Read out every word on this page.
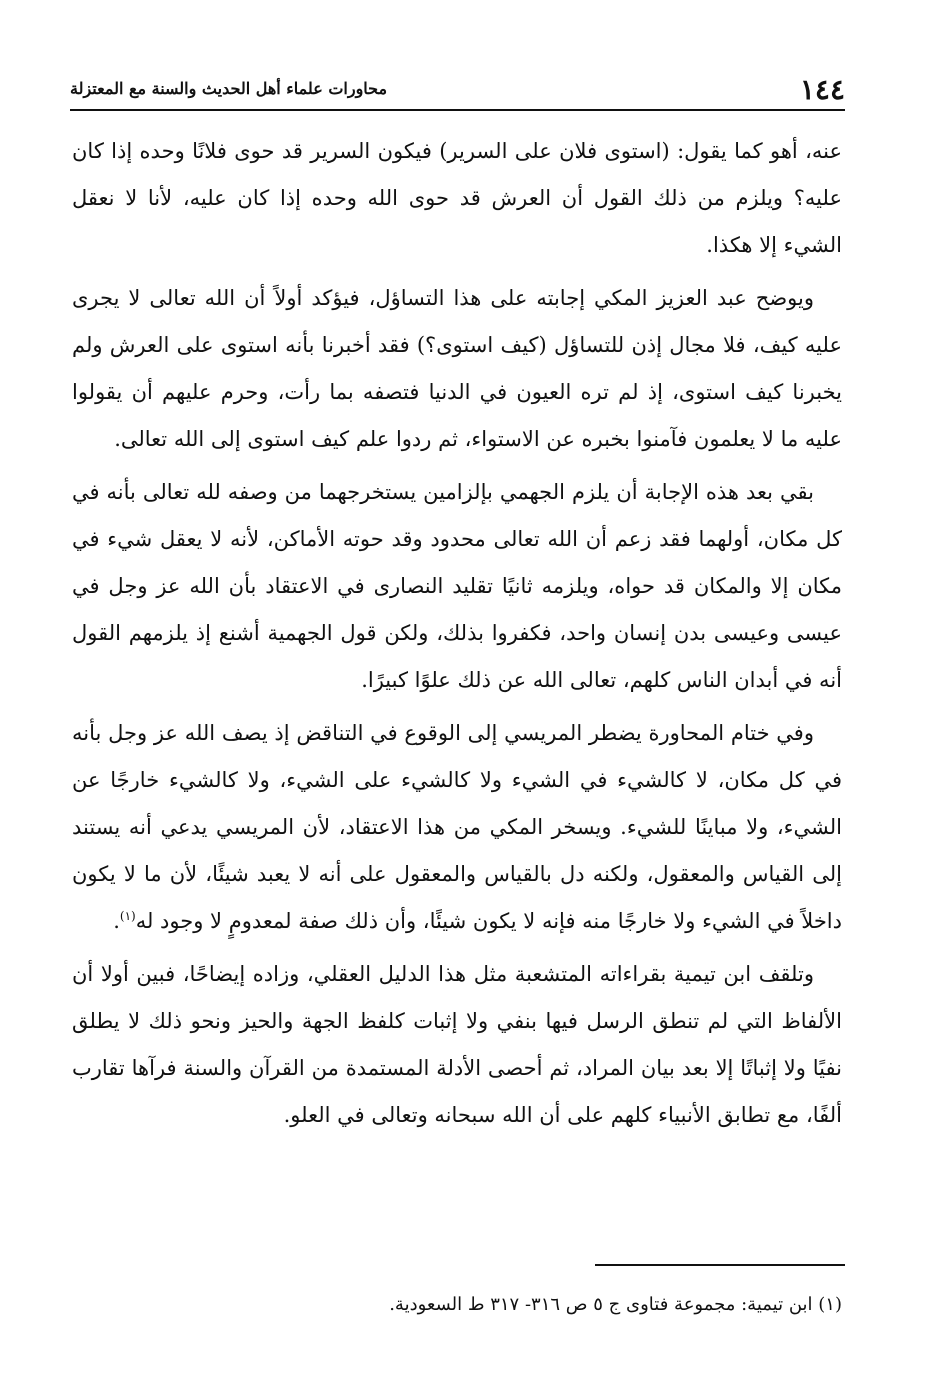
١٤٤
محاورات علماء أهل الحديث والسنة مع المعتزلة

عنه، أهو كما يقول: (استوى فلان على السرير) فيكون السرير قد حوى فلانًا وحده إذا كان عليه؟ ويلزم من ذلك القول أن العرش قد حوى الله وحده إذا كان عليه، لأنا لا نعقل الشيء إلا هكذا.

ويوضح عبد العزيز المكي إجابته على هذا التساؤل، فيؤكد أولاً أن الله تعالى لا يجرى عليه كيف، فلا مجال إذن للتساؤل (كيف استوى؟) فقد أخبرنا بأنه استوى على العرش ولم يخبرنا كيف استوى، إذ لم تره العيون في الدنيا فتصفه بما رأت، وحرم عليهم أن يقولوا عليه ما لا يعلمون فآمنوا بخبره عن الاستواء، ثم ردوا علم كيف استوى إلى الله تعالى.

بقي بعد هذه الإجابة أن يلزم الجهمي بإلزامين يستخرجهما من وصفه لله تعالى بأنه في كل مكان، أولهما فقد زعم أن الله تعالى محدود وقد حوته الأماكن، لأنه لا يعقل شيء في مكان إلا والمكان قد حواه، ويلزمه ثانيًا تقليد النصارى في الاعتقاد بأن الله عز وجل في عيسى وعيسى بدن إنسان واحد، فكفروا بذلك، ولكن قول الجهمية أشنع إذ يلزمهم القول أنه في أبدان الناس كلهم، تعالى الله عن ذلك علوًا كبيرًا.

وفي ختام المحاورة يضطر المريسي إلى الوقوع في التناقض إذ يصف الله عز وجل بأنه في كل مكان، لا كالشيء في الشيء ولا كالشيء على الشيء، ولا كالشيء خارجًا عن الشيء، ولا مباينًا للشيء. ويسخر المكي من هذا الاعتقاد، لأن المريسي يدعي أنه يستند إلى القياس والمعقول، ولكنه دل بالقياس والمعقول على أنه لا يعبد شيئًا، لأن ما لا يكون داخلاً في الشيء ولا خارجًا منه فإنه لا يكون شيئًا، وأن ذلك صفة لمعدومٍ لا وجود له$^{(١)}$.

وتلقف ابن تيمية بقراءاته المتشعبة مثل هذا الدليل العقلي، وزاده إيضاحًا، فبين أولا أن الألفاظ التي لم تنطق الرسل فيها بنفي ولا إثبات كلفظ الجهة والحيز ونحو ذلك لا يطلق نفيًا ولا إثباتًا إلا بعد بيان المراد، ثم أحصى الأدلة المستمدة من القرآن والسنة فرآها تقارب ألفًا، مع تطابق الأنبياء كلهم على أن الله سبحانه وتعالى في العلو.

(١) ابن تيمية: مجموعة فتاوى ج ٥ ص ٣١٦- ٣١٧ ط السعودية.
